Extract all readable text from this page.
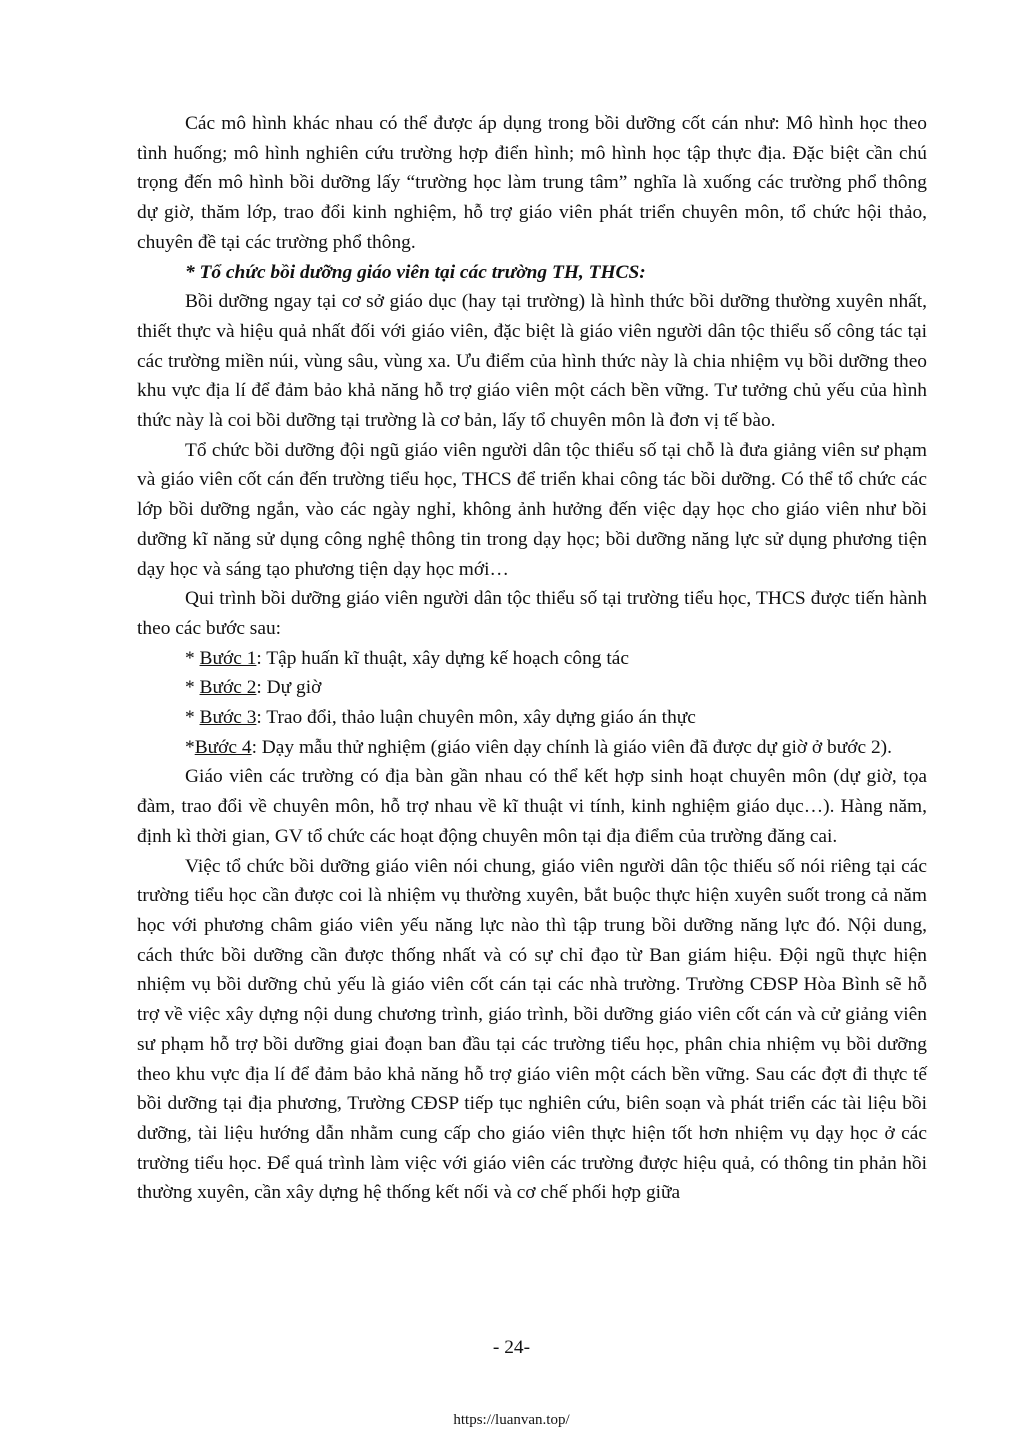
Các mô hình khác nhau có thể được áp dụng trong bồi dưỡng cốt cán như: Mô hình học theo tình huống; mô hình nghiên cứu trường hợp điển hình; mô hình học tập thực địa. Đặc biệt cần chú trọng đến mô hình bồi dưỡng lấy “trường học làm trung tâm” nghĩa là xuống các trường phổ thông dự giờ, thăm lớp, trao đổi kinh nghiệm, hỗ trợ giáo viên phát triển chuyên môn, tổ chức hội thảo, chuyên đề tại các trường phổ thông.

* Tổ chức bồi dưỡng giáo viên tại các trường TH, THCS:

Bồi dưỡng ngay tại cơ sở giáo dục (hay tại trường) là hình thức bồi dưỡng thường xuyên nhất, thiết thực và hiệu quả nhất đối với giáo viên, đặc biệt là giáo viên người dân tộc thiểu số công tác tại các trường miền núi, vùng sâu, vùng xa. Ưu điểm của hình thức này là chia nhiệm vụ bồi dưỡng theo khu vực địa lí để đảm bảo khả năng hỗ trợ giáo viên một cách bền vững. Tư tưởng chủ yếu của hình thức này là coi bồi dưỡng tại trường là cơ bản, lấy tổ chuyên môn là đơn vị tế bào.

Tổ chức bồi dưỡng đội ngũ giáo viên người dân tộc thiểu số tại chỗ là đưa giảng viên sư phạm và giáo viên cốt cán đến trường tiểu học, THCS để triển khai công tác bồi dưỡng. Có thể tổ chức các lớp bồi dưỡng ngắn, vào các ngày nghỉ, không ảnh hưởng đến việc dạy học cho giáo viên như bồi dưỡng kĩ năng sử dụng công nghệ thông tin trong dạy học; bồi dưỡng năng lực sử dụng phương tiện dạy học và sáng tạo phương tiện dạy học mới…

Qui trình bồi dưỡng giáo viên người dân tộc thiểu số tại trường tiểu học, THCS được tiến hành theo các bước sau:

* Bước 1: Tập huấn kĩ thuật, xây dựng kế hoạch công tác

* Bước 2: Dự giờ

* Bước 3: Trao đổi, thảo luận chuyên môn, xây dựng giáo án thực

*Bước 4: Dạy mẫu thử nghiệm (giáo viên dạy chính là giáo viên đã được dự giờ ở bước 2).

Giáo viên các trường có địa bàn gần nhau có thể kết hợp sinh hoạt chuyên môn (dự giờ, tọa đàm, trao đổi về chuyên môn, hỗ trợ nhau về kĩ thuật vi tính, kinh nghiệm giáo dục…). Hàng năm, định kì thời gian, GV tổ chức các hoạt động chuyên môn tại địa điểm của trường đăng cai.

Việc tổ chức bồi dưỡng giáo viên nói chung, giáo viên người dân tộc thiếu số nói riêng tại các trường tiểu học cần được coi là nhiệm vụ thường xuyên, bắt buộc thực hiện xuyên suốt trong cả năm học với phương châm giáo viên yếu năng lực nào thì tập trung bồi dưỡng năng lực đó. Nội dung, cách thức bồi dưỡng cần được thống nhất và có sự chỉ đạo từ Ban giám hiệu. Đội ngũ thực hiện nhiệm vụ bồi dưỡng chủ yếu là giáo viên cốt cán tại các nhà trường. Trường CĐSP Hòa Bình sẽ hỗ trợ về việc xây dựng nội dung chương trình, giáo trình, bồi dưỡng giáo viên cốt cán và cử giảng viên sư phạm hỗ trợ bồi dưỡng giai đoạn ban đầu tại các trường tiểu học, phân chia nhiệm vụ bồi dưỡng theo khu vực địa lí để đảm bảo khả năng hỗ trợ giáo viên một cách bền vững. Sau các đợt đi thực tế bồi dưỡng tại địa phương, Trường CĐSP tiếp tục nghiên cứu, biên soạn và phát triển các tài liệu bồi dưỡng, tài liệu hướng dẫn nhằm cung cấp cho giáo viên thực hiện tốt hơn nhiệm vụ dạy học ở các trường tiểu học. Để quá trình làm việc với giáo viên các trường được hiệu quả, có thông tin phản hồi thường xuyên, cần xây dựng hệ thống kết nối và cơ chế phối hợp giữa

- 24-
https://luanvan.top/
